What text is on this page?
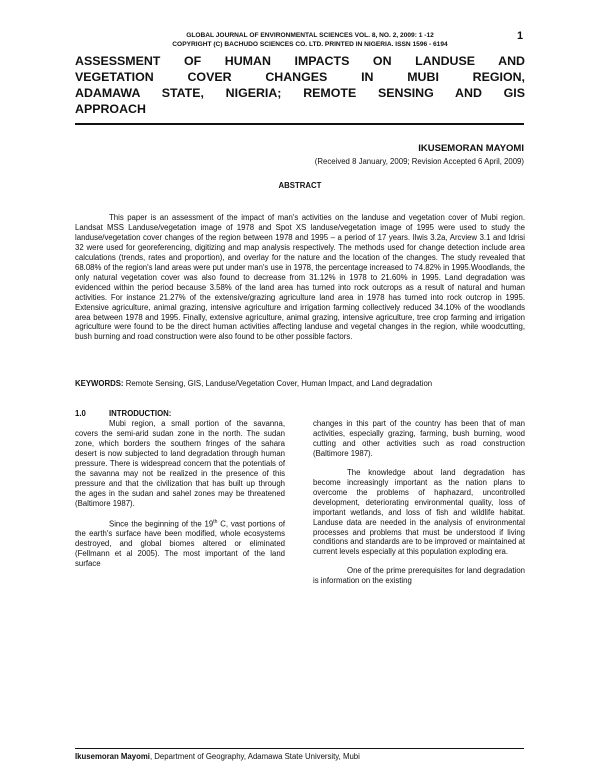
GLOBAL JOURNAL OF ENVIRONMENTAL SCIENCES VOL. 8, NO. 2, 2009: 1 -12
COPYRIGHT (C) BACHUDO SCIENCES CO. LTD. PRINTED IN NIGERIA. ISSN 1596 - 6194
1
ASSESSMENT OF HUMAN IMPACTS ON LANDUSE AND
VEGETATION COVER CHANGES IN MUBI REGION,
ADAMAWA STATE, NIGERIA; REMOTE SENSING AND GIS
APPROACH
IKUSEMORAN MAYOMI
(Received 8 January, 2009; Revision Accepted 6 April, 2009)
ABSTRACT

This paper is an assessment of the impact of man's activities on the landuse and vegetation cover of Mubi region. Landsat MSS Landuse/vegetation image of 1978 and Spot XS landuse/vegetation image of 1995 were used to study the landuse/vegetation cover changes of the region between 1978 and 1995 – a period of 17 years. Ilwis 3.2a, Arcview 3.1 and Idrisi 32 were used for georeferencing, digitizing and map analysis respectively. The methods used for change detection include area calculations (trends, rates and proportion), and overlay for the nature and the location of the changes. The study revealed that 68.08% of the region's land areas were put under man's use in 1978, the percentage increased to 74.82% in 1995.Woodlands, the only natural vegetation cover was also found to decrease from 31.12% in 1978 to 21.60% in 1995. Land degradation was evidenced within the period because 3.58% of the land area has turned into rock outcrops as a result of natural and human activities. For instance 21.27% of the extensive/grazing agriculture land area in 1978 has turned into rock outcrop in 1995. Extensive agriculture, animal grazing, intensive agriculture and irrigation farming collectively reduced 34.10% of the woodlands area between 1978 and 1995. Finally, extensive agriculture, animal grazing, intensive agriculture, tree crop farming and irrigation agriculture were found to be the direct human activities affecting landuse and vegetal changes in the region, while woodcutting, bush burning and road construction were also found to be other possible factors.

KEYWORDS: Remote Sensing, GIS, Landuse/Vegetation Cover, Human Impact, and Land degradation
1.0	INTRODUCTION:

Mubi region, a small portion of the savanna, covers the semi-arid sudan zone in the north. The sudan zone, which borders the southern fringes of the sahara desert is now subjected to land degradation through human pressure. There is widespread concern that the potentials of the savanna may not be realized in the presence of this pressure and that the civilization that has built up through the ages in the sudan and sahel zones may be threatened (Baltimore 1987).

Since the beginning of the 19th C, vast portions of the earth's surface have been modified, whole ecosystems destroyed, and global biomes altered or eliminated (Fellmann et al 2005). The most important of the land surface

changes in this part of the country has been that of man activities, especially grazing, farming, bush burning, wood cutting and other activities such as road construction (Baltimore 1987).

The knowledge about land degradation has become increasingly important as the nation plans to overcome the problems of haphazard, uncontrolled development, deteriorating environmental quality, loss of important wetlands, and loss of fish and wildlife habitat. Landuse data are needed in the analysis of environmental processes and problems that must be understood if living conditions and standards are to be improved or maintained at current levels especially at this population exploding era.

One of the prime prerequisites for land degradation is information on the existing

Ikusemoran Mayomi, Department of Geography, Adamawa State University, Mubi
